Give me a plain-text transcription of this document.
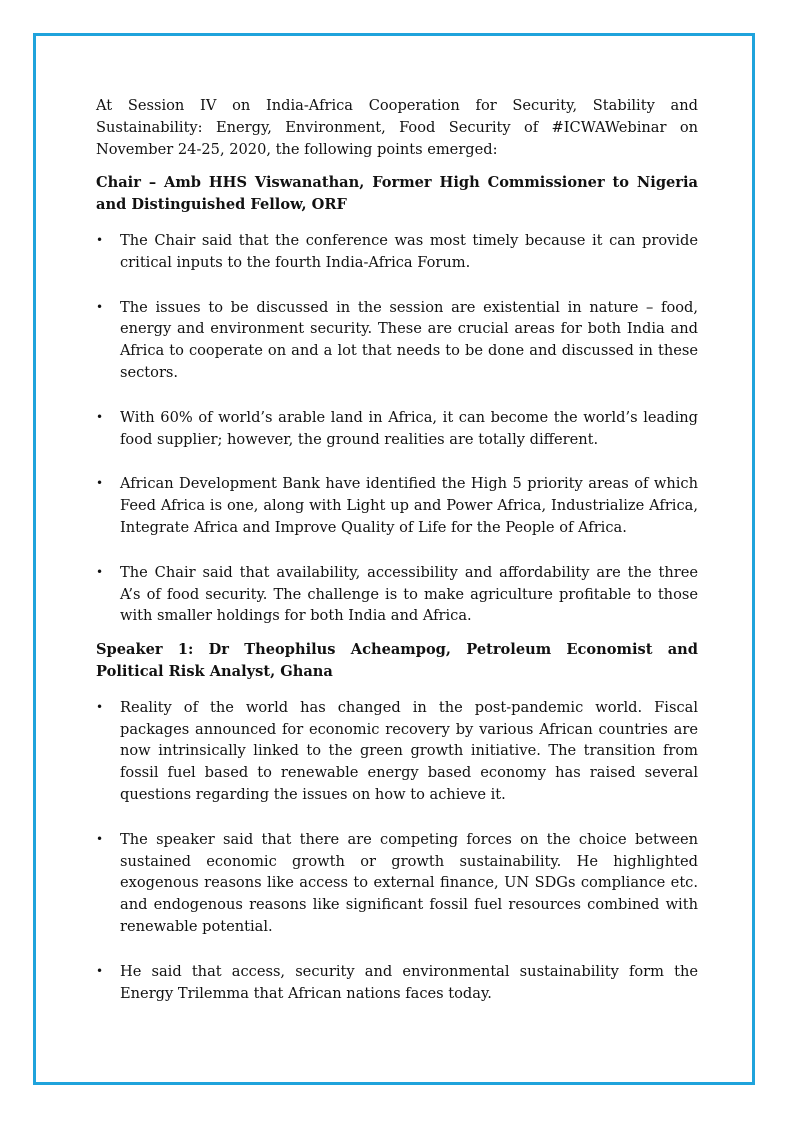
At Session IV on India-Africa Cooperation for Security, Stability and Sustainability: Energy, Environment, Food Security of #ICWAWebinar on November 24-25, 2020, the following points emerged:

Chair – Amb HHS Viswanathan, Former High Commissioner to Nigeria and Distinguished Fellow, ORF

•	The Chair said that the conference was most timely because it can provide critical inputs to the fourth India-Africa Forum.
•	The issues to be discussed in the session are existential in nature – food, energy and environment security. These are crucial areas for both India and Africa to cooperate on and a lot that needs to be done and discussed in these sectors.
•	With 60% of world’s arable land in Africa, it can become the world’s leading food supplier; however, the ground realities are totally different.
•	African Development Bank have identified the High 5 priority areas of which Feed Africa is one, along with Light up and Power Africa, Industrialize Africa, Integrate Africa and Improve Quality of Life for the People of Africa.
•	The Chair said that availability, accessibility and affordability are the three A’s of food security. The challenge is to make agriculture profitable to those with smaller holdings for both India and Africa.

Speaker 1: Dr Theophilus Acheampog, Petroleum Economist and Political Risk Analyst, Ghana

•	Reality of the world has changed in the post-pandemic world. Fiscal packages announced for economic recovery by various African countries are now intrinsically linked to the green growth initiative. The transition from fossil fuel based to renewable energy based economy has raised several questions regarding the issues on how to achieve it.
•	The speaker said that there are competing forces on the choice between sustained economic growth or growth sustainability. He highlighted exogenous reasons like access to external finance, UN SDGs compliance etc. and endogenous reasons like significant fossil fuel resources combined with renewable potential.
•	He said that access, security and environmental sustainability form the Energy Trilemma that African nations faces today.
